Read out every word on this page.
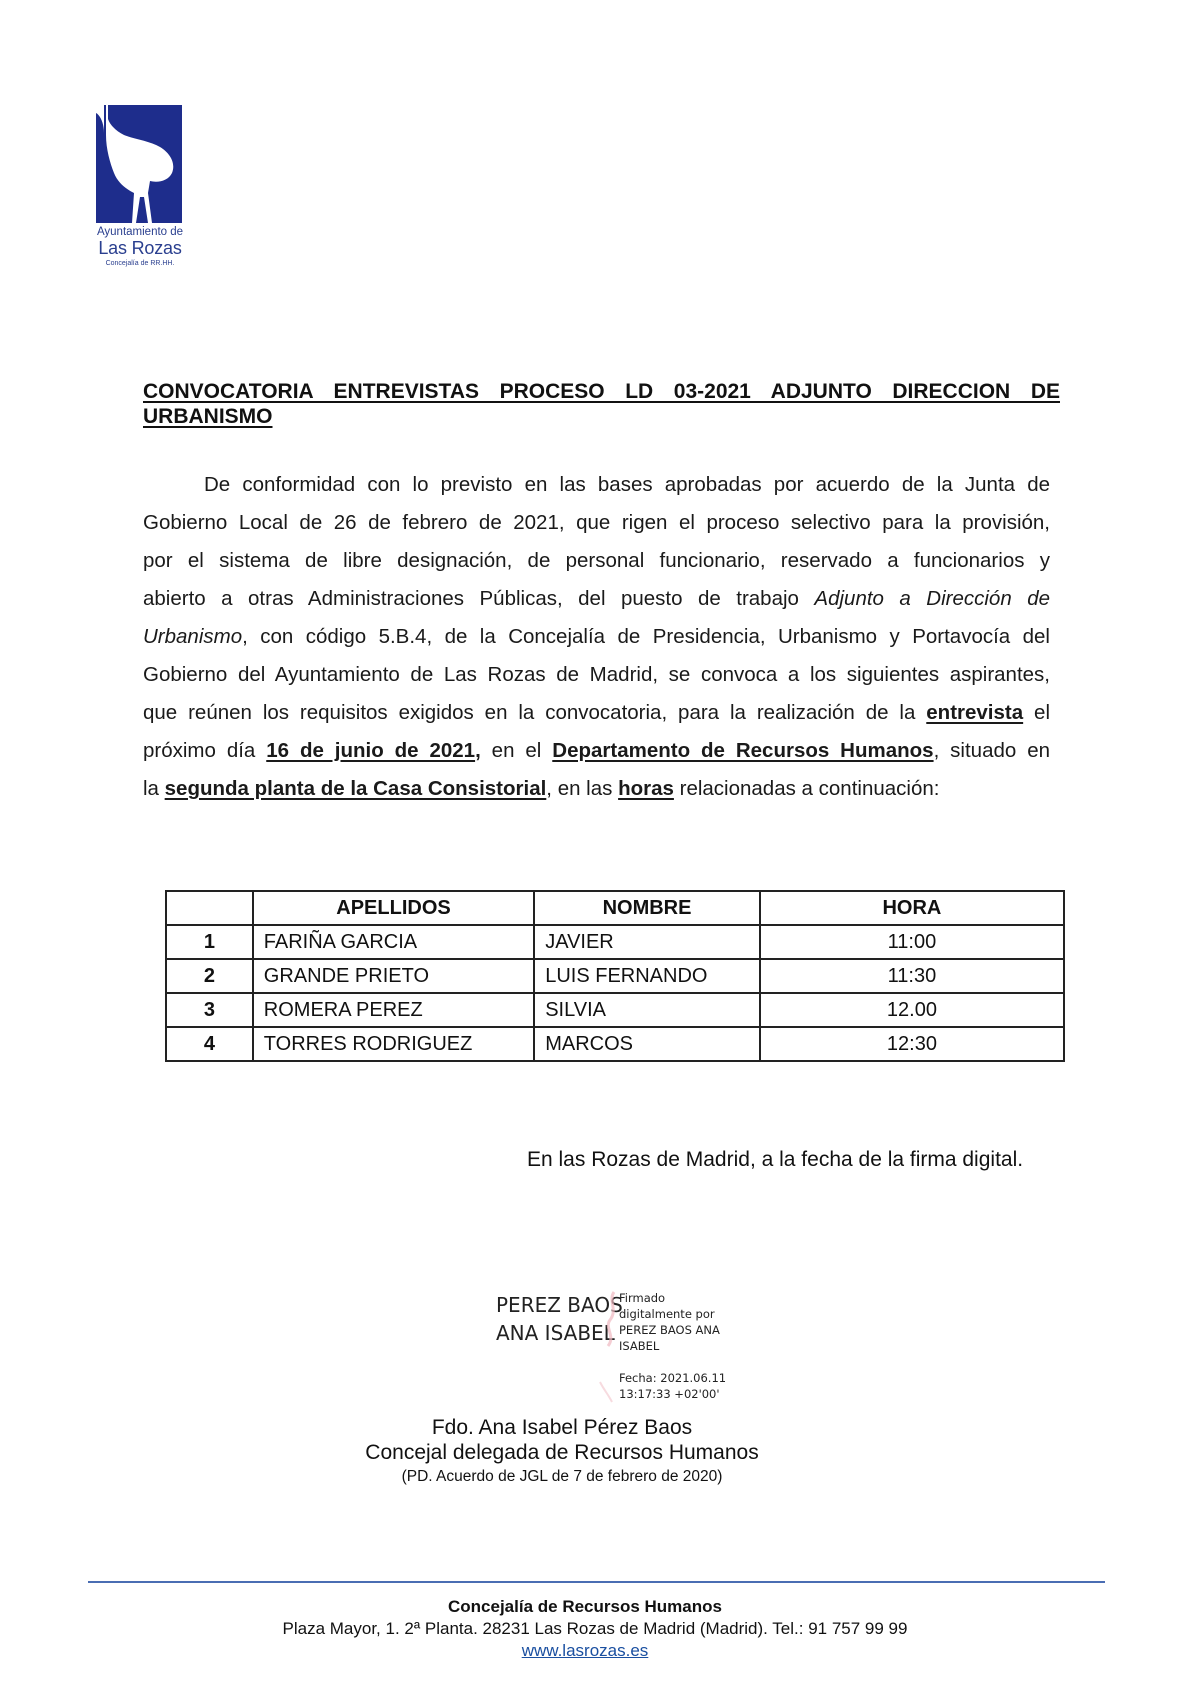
Ayuntamiento de
Las Rozas
Concejalía de RR.HH.
CONVOCATORIA ENTREVISTAS PROCESO LD 03-2021 ADJUNTO DIRECCION DE
URBANISMO
De conformidad con lo previsto en las bases aprobadas por acuerdo de la Junta de
Gobierno Local de 26 de febrero de 2021, que rigen el proceso selectivo para la provisión,
por el sistema de libre designación, de personal funcionario, reservado a funcionarios y
abierto a otras Administraciones Públicas, del puesto de trabajo Adjunto a Dirección de
Urbanismo, con código 5.B.4, de la Concejalía de Presidencia, Urbanismo y Portavocía del
Gobierno del Ayuntamiento de Las Rozas de Madrid, se convoca a los siguientes aspirantes,
que reúnen los requisitos exigidos en la convocatoria, para la realización de la entrevista el
próximo día 16 de junio de 2021, en el Departamento de Recursos Humanos, situado en
la segunda planta de la Casa Consistorial, en las horas relacionadas a continuación:
	APELLIDOS	NOMBRE	HORA
1	FARIÑA GARCIA	JAVIER	11:00
2	GRANDE PRIETO	LUIS FERNANDO	11:30
3	ROMERA PEREZ	SILVIA	12.00
4	TORRES RODRIGUEZ	MARCOS	12:30
En las Rozas de Madrid, a la fecha de la firma digital.
PEREZ BAOS
ANA ISABEL
Firmado
digitalmente por
PEREZ BAOS ANA
ISABEL
Fecha: 2021.06.11
13:17:33 +02'00'
Fdo. Ana Isabel Pérez Baos
Concejal delegada de Recursos Humanos
(PD. Acuerdo de JGL de 7 de febrero de 2020)
Concejalía de Recursos Humanos
Plaza Mayor, 1. 2ª Planta. 28231 Las Rozas de Madrid (Madrid). Tel.: 91 757 99 99
www.lasrozas.es
